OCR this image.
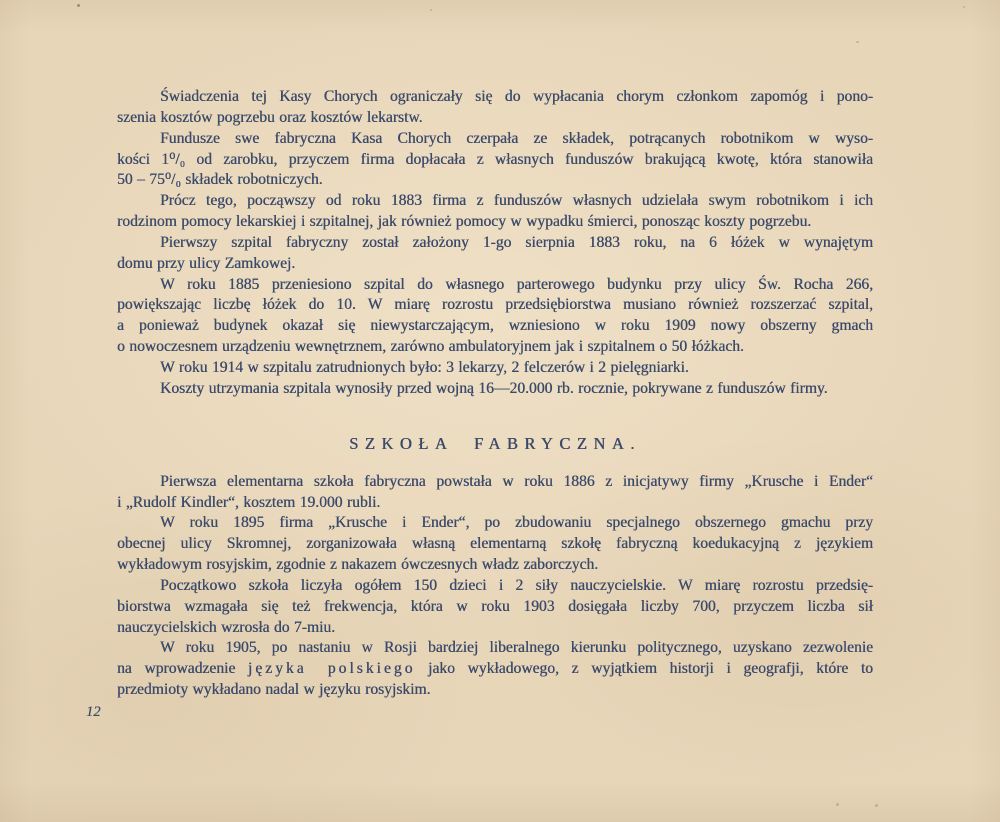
Świadczenia tej Kasy Chorych ograniczały się do wypłacania chorym członkom zapomóg i pono-
szenia kosztów pogrzebu oraz kosztów lekarstw.
Fundusze swe fabryczna Kasa Chorych czerpała ze składek, potrącanych robotnikom w wyso-
kości 1⁰/₀ od zarobku, przyczem firma dopłacała z własnych funduszów brakującą kwotę, która stanowiła
50 – 75⁰/₀ składek robotniczych.
Prócz tego, począwszy od roku 1883 firma z funduszów własnych udzielała swym robotnikom i ich
rodzinom pomocy lekarskiej i szpitalnej, jak również pomocy w wypadku śmierci, ponosząc koszty pogrzebu.
Pierwszy szpital fabryczny został założony 1-go sierpnia 1883 roku, na 6 łóżek w wynajętym
domu przy ulicy Zamkowej.
W roku 1885 przeniesiono szpital do własnego parterowego budynku przy ulicy Św. Rocha 266,
powiększając liczbę łóżek do 10. W miarę rozrostu przedsiębiorstwa musiano również rozszerzać szpital,
a ponieważ budynek okazał się niewystarczającym, wzniesiono w roku 1909 nowy obszerny gmach
o nowoczesnem urządzeniu wewnętrznem, zarówno ambulatoryjnem jak i szpitalnem o 50 łóżkach.
W roku 1914 w szpitalu zatrudnionych było: 3 lekarzy, 2 felczerów i 2 pielęgniarki.
Koszty utrzymania szpitala wynosiły przed wojną 16—20.000 rb. rocznie, pokrywane z funduszów firmy.
SZKOŁA FABRYCZNA.
Pierwsza elementarna szkoła fabryczna powstała w roku 1886 z inicjatywy firmy „Krusche i Ender“
i „Rudolf Kindler“, kosztem 19.000 rubli.
W roku 1895 firma „Krusche i Ender“, po zbudowaniu specjalnego obszernego gmachu przy
obecnej ulicy Skromnej, zorganizowała własną elementarną szkołę fabryczną koedukacyjną z językiem
wykładowym rosyjskim, zgodnie z nakazem ówczesnych władz zaborczych.
Początkowo szkoła liczyła ogółem 150 dzieci i 2 siły nauczycielskie. W miarę rozrostu przedsię-
biorstwa wzmagała się też frekwencja, która w roku 1903 dosięgała liczby 700, przyczem liczba sił
nauczycielskich wzrosła do 7-miu.
W roku 1905, po nastaniu w Rosji bardziej liberalnego kierunku politycznego, uzyskano zezwolenie
na wprowadzenie języka polskiego jako wykładowego, z wyjątkiem historji i geografji, które to
przedmioty wykładano nadal w języku rosyjskim.
12
